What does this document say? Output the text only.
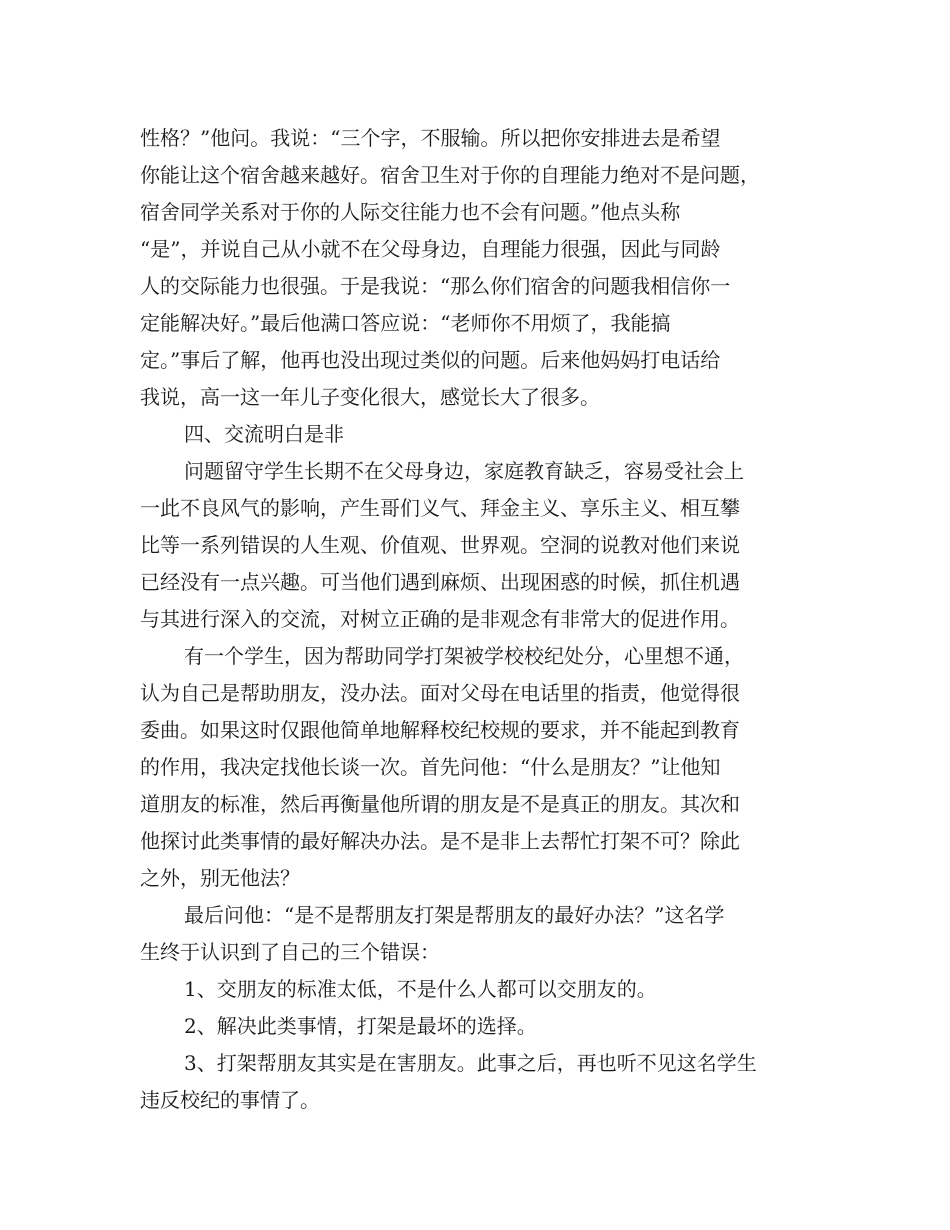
性格？”他问。我说：“三个字，不服输。所以把你安排进去是希望
你能让这个宿舍越来越好。宿舍卫生对于你的自理能力绝对不是问题，
宿舍同学关系对于你的人际交往能力也不会有问题。”他点头称
“是”，并说自己从小就不在父母身边，自理能力很强，因此与同龄
人的交际能力也很强。于是我说：“那么你们宿舍的问题我相信你一
定能解决好。”最后他满口答应说：“老师你不用烦了，我能搞
定。”事后了解，他再也没出现过类似的问题。后来他妈妈打电话给
我说，高一这一年儿子变化很大，感觉长大了很多。
四、交流明白是非
问题留守学生长期不在父母身边，家庭教育缺乏，容易受社会上
一此不良风气的影响，产生哥们义气、拜金主义、享乐主义、相互攀
比等一系列错误的人生观、价值观、世界观。空洞的说教对他们来说
已经没有一点兴趣。可当他们遇到麻烦、出现困惑的时候，抓住机遇
与其进行深入的交流，对树立正确的是非观念有非常大的促进作用。
有一个学生，因为帮助同学打架被学校校纪处分，心里想不通，
认为自己是帮助朋友，没办法。面对父母在电话里的指责，他觉得很
委曲。如果这时仅跟他简单地解释校纪校规的要求，并不能起到教育
的作用，我决定找他长谈一次。首先问他：“什么是朋友？”让他知
道朋友的标准，然后再衡量他所谓的朋友是不是真正的朋友。其次和
他探讨此类事情的最好解决办法。是不是非上去帮忙打架不可？除此
之外，别无他法？
最后问他：“是不是帮朋友打架是帮朋友的最好办法？”这名学
生终于认识到了自己的三个错误：
1、交朋友的标准太低，不是什么人都可以交朋友的。
2、解决此类事情，打架是最坏的选择。
3、打架帮朋友其实是在害朋友。此事之后，再也听不见这名学生
违反校纪的事情了。
